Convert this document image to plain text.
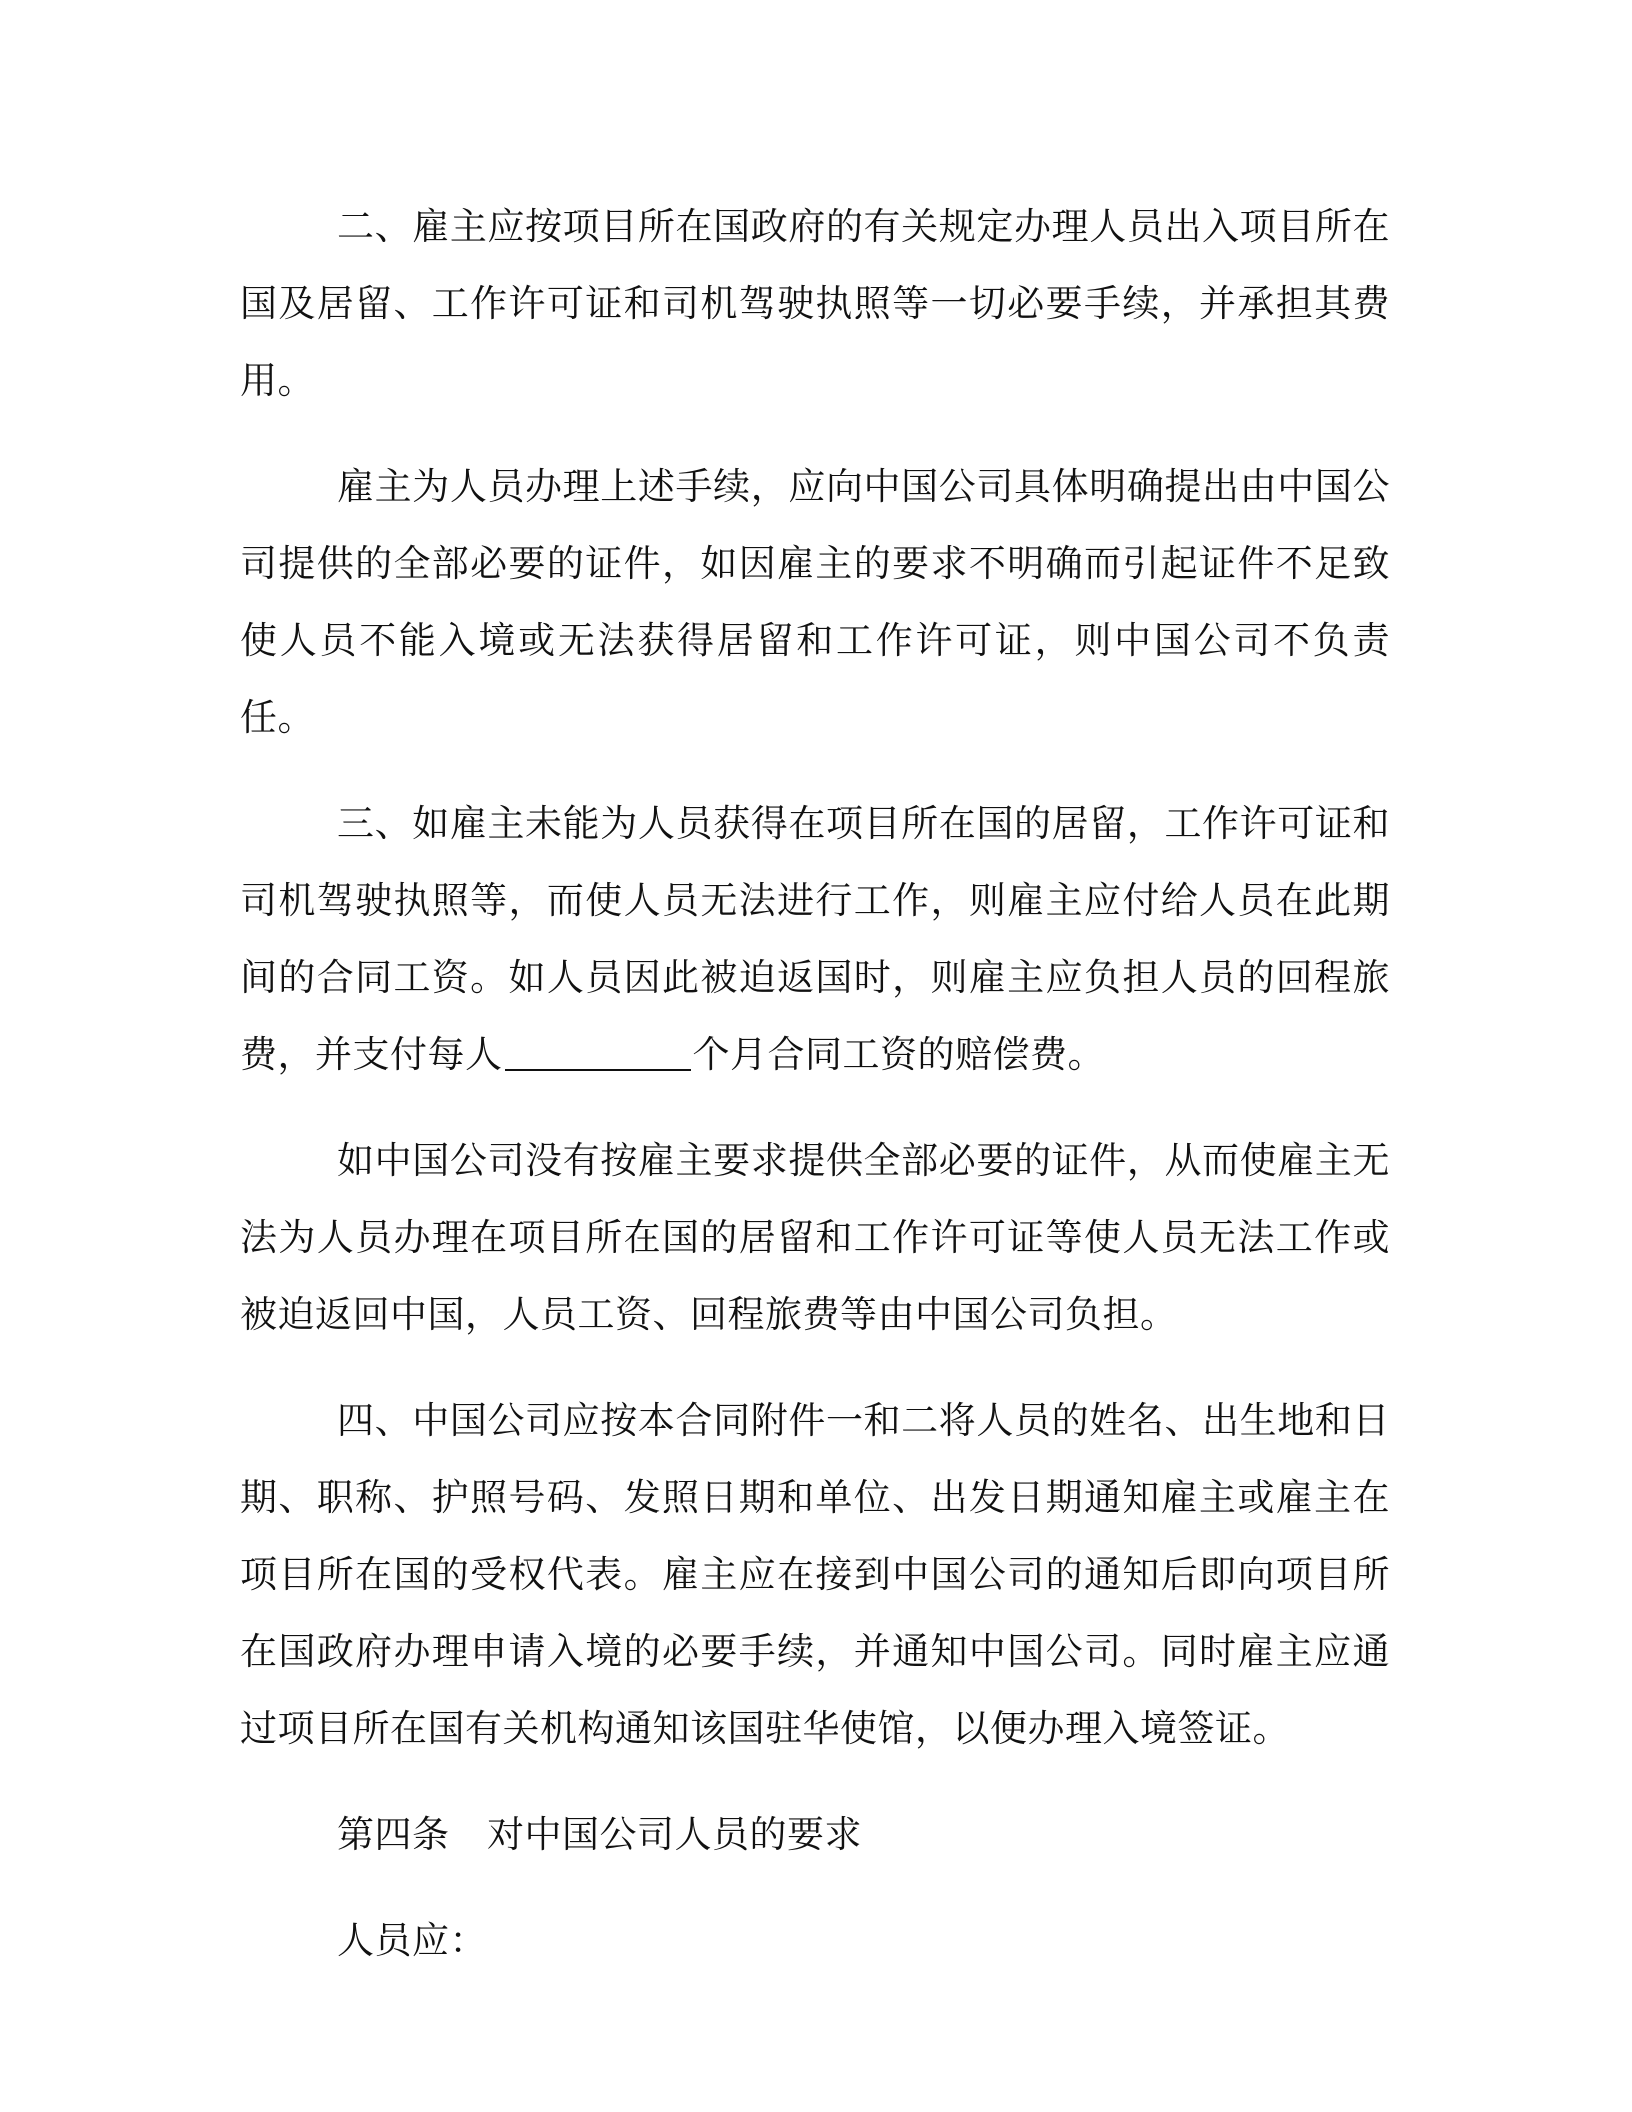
二、雇主应按项目所在国政府的有关规定办理人员出入项目所在国及居留、工作许可证和司机驾驶执照等一切必要手续，并承担其费用。

雇主为人员办理上述手续，应向中国公司具体明确提出由中国公司提供的全部必要的证件，如因雇主的要求不明确而引起证件不足致使人员不能入境或无法获得居留和工作许可证，则中国公司不负责任。

三、如雇主未能为人员获得在项目所在国的居留，工作许可证和司机驾驶执照等，而使人员无法进行工作，则雇主应付给人员在此期间的合同工资。如人员因此被迫返国时，则雇主应负担人员的回程旅费，并支付每人	个月合同工资的赔偿费。

如中国公司没有按雇主要求提供全部必要的证件，从而使雇主无法为人员办理在项目所在国的居留和工作许可证等使人员无法工作或被迫返回中国，人员工资、回程旅费等由中国公司负担。

四、中国公司应按本合同附件一和二将人员的姓名、出生地和日期、职称、护照号码、发照日期和单位、出发日期通知雇主或雇主在项目所在国的受权代表。雇主应在接到中国公司的通知后即向项目所在国政府办理申请入境的必要手续，并通知中国公司。同时雇主应通过项目所在国有关机构通知该国驻华使馆，以便办理入境签证。

第四条　对中国公司人员的要求

人员应：
